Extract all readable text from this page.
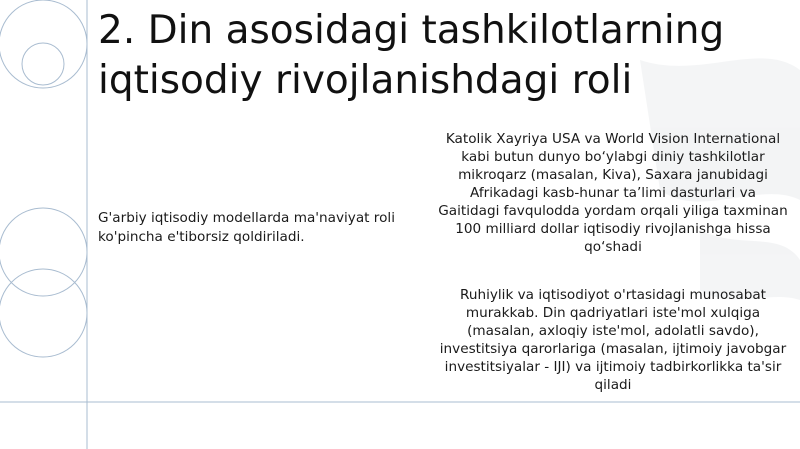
2. Din asosidagi tashkilotlarning
iqtisodiy rivojlanishdagi roli

G'arbiy iqtisodiy modellarda ma'naviyat roli ko'pincha e'tiborsiz qoldiriladi.

Katolik Xayriya USA va World Vision International kabi butun dunyo bo‘ylabgi diniy tashkilotlar mikroqarz (masalan, Kiva), Saxara janubidagi Afrikadagi kasb-hunar ta’limi dasturlari va Gaitidagi favqulodda yordam orqali yiliga taxminan 100 milliard dollar iqtisodiy rivojlanishga hissa qo‘shadi

Ruhiylik va iqtisodiyot o'rtasidagi munosabat murakkab. Din qadriyatlari iste'mol xulqiga (masalan, axloqiy iste'mol, adolatli savdo), investitsiya qarorlariga (masalan, ijtimoiy javobgar investitsiyalar - IJI) va ijtimoiy tadbirkorlikka ta'sir qiladi
